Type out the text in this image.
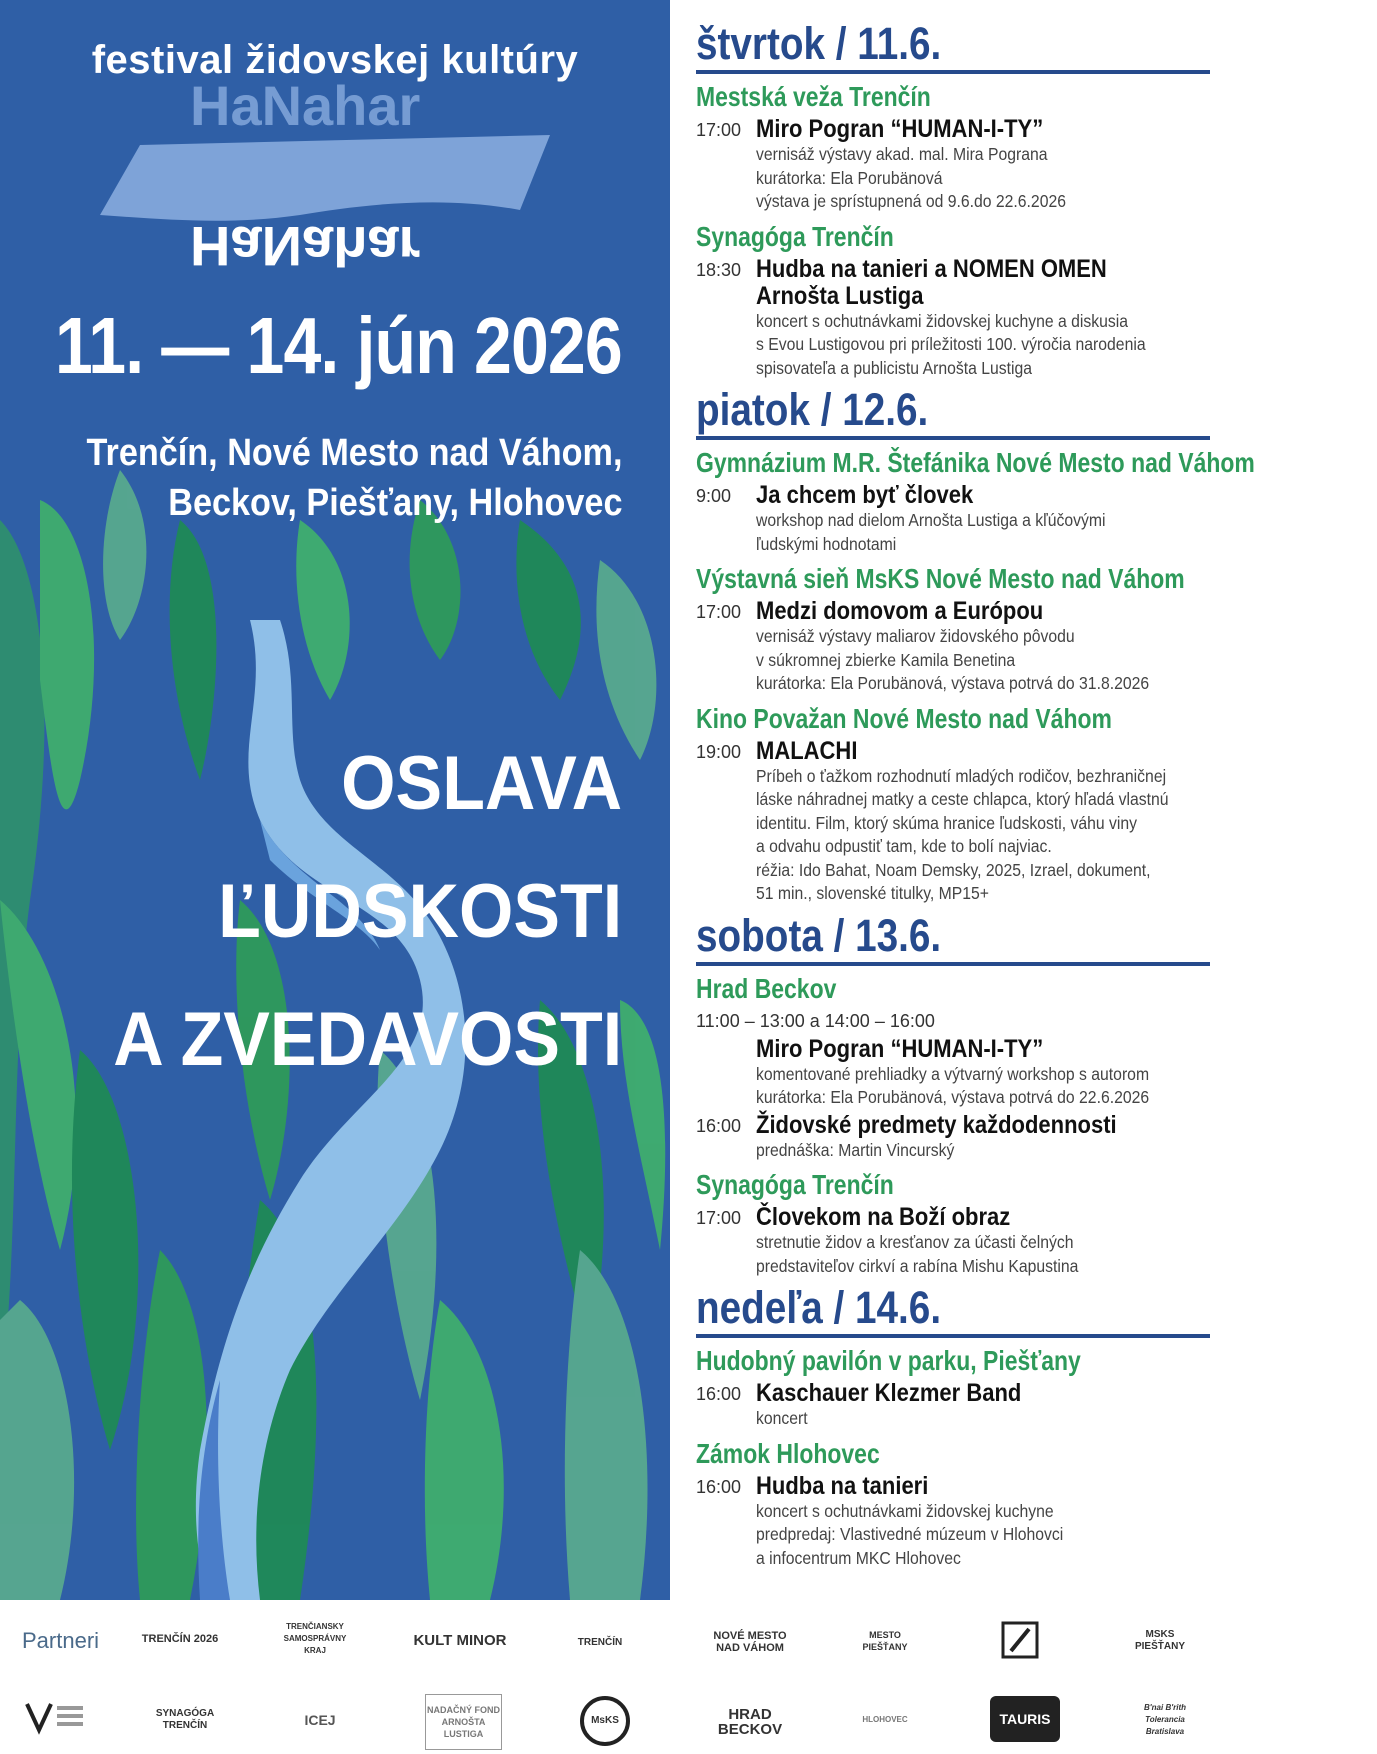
festival židovskej kultúry
HaNahar
HaNahar
11. — 14. jún 2026
Trenčín, Nové Mesto nad Váhom,
Beckov, Piešťany, Hlohovec
OSLAVA
ĽUDSKOSTI
A ZVEDAVOSTI
štvrtok / 11.6.
Mestská veža Trenčín
17:00 Miro Pogran “HUMAN-I-TY”
vernisáž výstavy akad. mal. Mira Pograna
kurátorka: Ela Porubänová
výstava je sprístupnená od 9.6.do 22.6.2026
Synagóga Trenčín
18:30 Hudba na tanieri a NOMEN OMEN
Arnošta Lustiga
koncert s ochutnávkami židovskej kuchyne a diskusia
s Evou Lustigovou pri príležitosti 100. výročia narodenia
spisovateľa a publicistu Arnošta Lustiga
piatok / 12.6.
Gymnázium M.R. Štefánika Nové Mesto nad Váhom
9:00 Ja chcem byť človek
workshop nad dielom Arnošta Lustiga a kľúčovými
ľudskými hodnotami
Výstavná sieň MsKS Nové Mesto nad Váhom
17:00 Medzi domovom a Európou
vernisáž výstavy maliarov židovského pôvodu
v súkromnej zbierke Kamila Benetina
kurátorka: Ela Porubänová, výstava potrvá do 31.8.2026
Kino Považan Nové Mesto nad Váhom
19:00 MALACHI
Príbeh o ťažkom rozhodnutí mladých rodičov, bezhraničnej
láske náhradnej matky a ceste chlapca, ktorý hľadá vlastnú
identitu. Film, ktorý skúma hranice ľudskosti, váhu viny
a odvahu odpustiť tam, kde to bolí najviac.
réžia: Ido Bahat, Noam Demsky, 2025, Izrael, dokument,
51 min., slovenské titulky, MP15+
sobota / 13.6.
Hrad Beckov
11:00 – 13:00 a 14:00 – 16:00
Miro Pogran “HUMAN-I-TY”
komentované prehliadky a výtvarný workshop s autorom
kurátorka: Ela Porubänová, výstava potrvá do 22.6.2026
16:00 Židovské predmety každodennosti
prednáška: Martin Vincurský
Synagóga Trenčín
17:00 Človekom na Boží obraz
stretnutie židov a kresťanov za účasti čelných
predstaviteľov cirkví a rabína Mishu Kapustina
nedeľa / 14.6.
Hudobný pavilón v parku, Piešťany
16:00 Kaschauer Klezmer Band
koncert
Zámok Hlohovec
16:00 Hudba na tanieri
koncert s ochutnávkami židovskej kuchyne
predpredaj: Vlastivedné múzeum v Hlohovci
a infocentrum MKC Hlohovec
Partneri	TRENČÍN 2026
TRENČIANSKY SAMOSPRÁVNY KRAJ
KULT MINOR	TRENČÍN
NOVÉ MESTO NAD VÁHOM
MESTO PIEŠŤANY
MSKS PIEŠŤANY
SYNAGÓGA TRENČÍN	ICEJ
NADAČNÝ FOND ARNOŠTA LUSTIGA
MsKS	HRAD BECKOV
HLOHOVEC	TAURIS
B'nai B'rith Tolerancia Bratislava
